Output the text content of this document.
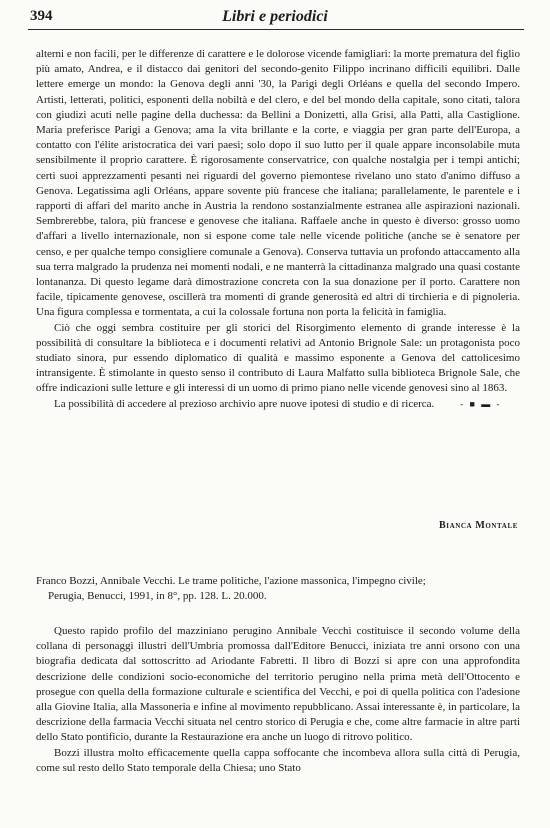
394	Libri e periodici

alterni e non facili, per le differenze di carattere e le dolorose vicende famigliari: la morte prematura del figlio più amato, Andrea, e il distacco dai genitori del secondo-genito Filippo incrinano difficili equilibri. Dalle lettere emerge un mondo: la Genova degli anni '30, la Parigi degli Orléans e quella del secondo Impero. Artisti, letterati, politici, esponenti della nobiltà e del clero, e del bel mondo della capitale, sono citati, talora con giudizi acuti nelle pagine della duchessa: da Bellini a Donizetti, alla Grisi, alla Patti, alla Castiglione. Maria preferisce Parigi a Genova; ama la vita brillante e la corte, e viaggia per gran parte dell'Europa, a contatto con l'élite aristocratica dei vari paesi; solo dopo il suo lutto per il quale appare inconsolabile muta sensibilmente il proprio carattere. È rigorosamente conservatrice, con qualche nostalgia per i tempi antichi; certi suoi apprezzamenti pesanti nei riguardi del governo piemontese rivelano uno stato d'animo diffuso a Genova. Legatissima agli Orléans, appare sovente più francese che italiana; parallelamente, le parentele e i rapporti di affari del marito anche in Austria la rendono sostanzialmente estranea alle aspirazioni nazionali. Sembrerebbe, talora, più francese e genovese che italiana. Raffaele anche in questo è diverso: grosso uomo d'affari a livello internazionale, non si espone come tale nelle vicende politiche (anche se è senatore per censo, e per qualche tempo consigliere comunale a Genova). Conserva tuttavia un profondo attaccamento alla sua terra malgrado la prudenza nei momenti nodali, e ne manterrà la cittadinanza malgrado una quasi costante lontananza. Di questo legame darà dimostrazione concreta con la sua donazione per il porto. Carattere non facile, tipicamente genovese, oscillerà tra momenti di grande generosità ed altri di tirchieria e di pignoleria. Una figura complessa e tormentata, a cui la colossale fortuna non porta la felicità in famiglia.

Ciò che oggi sembra costituire per gli storici del Risorgimento elemento di grande interesse è la possibilità di consultare la biblioteca e i documenti relativi ad Antonio Brignole Sale: un protagonista poco studiato sinora, pur essendo diplomatico di qualità e massimo esponente a Genova del cattolicesimo intransigente. È stimolante in questo senso il contributo di Laura Malfatto sulla biblioteca Brignole Sale, che offre indicazioni sulle letture e gli interessi di un uomo di primo piano nelle vicende genovesi sino al 1863.

La possibilità di accedere al prezioso archivio apre nuove ipotesi di studio e di ricerca.	- ■ ▬ -

Bianca Montale
Franco Bozzi, Annibale Vecchi. Le trame politiche, l'azione massonica, l'impegno civile;
Perugia, Benucci, 1991, in 8°, pp. 128. L. 20.000.

Questo rapido profilo del mazziniano perugino Annibale Vecchi costituisce il secondo volume della collana di personaggi illustri dell'Umbria promossa dall'Editore Benucci, iniziata tre anni orsono con una biografia dedicata dal sottoscritto ad Ariodante Fabretti. Il libro di Bozzi si apre con una approfondita descrizione delle condizioni socio-economiche del territorio perugino nella prima metà dell'Ottocento e prosegue con quella della formazione culturale e scientifica del Vecchi, e poi di quella politica con l'adesione alla Giovine Italia, alla Massoneria e infine al movimento repubblicano. Assai interessante è, in particolare, la descrizione della farmacia Vecchi situata nel centro storico di Perugia e che, come altre farmacie in altre parti dello Stato pontificio, durante la Restaurazione era anche un luogo di ritrovo politico.

Bozzi illustra molto efficacemente quella cappa soffocante che incombeva allora sulla città di Perugia, come sul resto dello Stato temporale della Chiesa; uno Stato
